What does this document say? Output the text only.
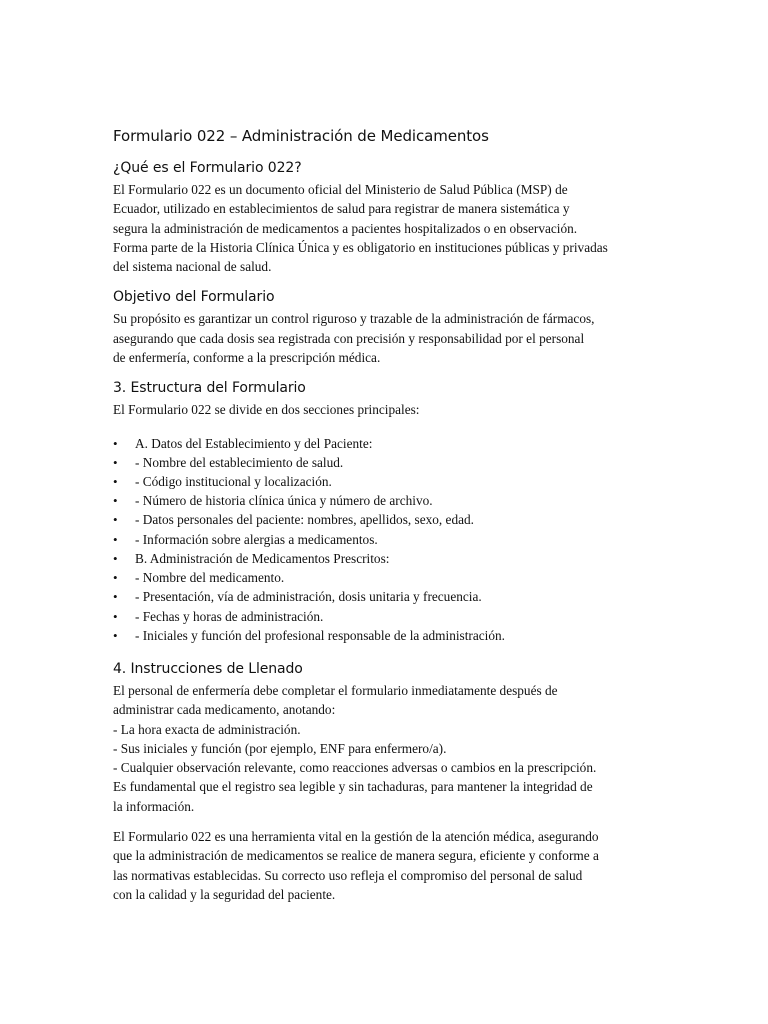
Formulario 022 – Administración de Medicamentos
¿Qué es el Formulario 022?
El Formulario 022 es un documento oficial del Ministerio de Salud Pública (MSP) de
Ecuador, utilizado en establecimientos de salud para registrar de manera sistemática y
segura la administración de medicamentos a pacientes hospitalizados o en observación.
Forma parte de la Historia Clínica Única y es obligatorio en instituciones públicas y privadas
del sistema nacional de salud.
Objetivo del Formulario
Su propósito es garantizar un control riguroso y trazable de la administración de fármacos,
asegurando que cada dosis sea registrada con precisión y responsabilidad por el personal
de enfermería, conforme a la prescripción médica.
3. Estructura del Formulario
El Formulario 022 se divide en dos secciones principales:
• A. Datos del Establecimiento y del Paciente:
• - Nombre del establecimiento de salud.
• - Código institucional y localización.
• - Número de historia clínica única y número de archivo.
• - Datos personales del paciente: nombres, apellidos, sexo, edad.
• - Información sobre alergias a medicamentos.
• B. Administración de Medicamentos Prescritos:
• - Nombre del medicamento.
• - Presentación, vía de administración, dosis unitaria y frecuencia.
• - Fechas y horas de administración.
• - Iniciales y función del profesional responsable de la administración.
4. Instrucciones de Llenado
El personal de enfermería debe completar el formulario inmediatamente después de
administrar cada medicamento, anotando:
- La hora exacta de administración.
- Sus iniciales y función (por ejemplo, ENF para enfermero/a).
- Cualquier observación relevante, como reacciones adversas o cambios en la prescripción.
Es fundamental que el registro sea legible y sin tachaduras, para mantener la integridad de
la información.
El Formulario 022 es una herramienta vital en la gestión de la atención médica, asegurando
que la administración de medicamentos se realice de manera segura, eficiente y conforme a
las normativas establecidas. Su correcto uso refleja el compromiso del personal de salud
con la calidad y la seguridad del paciente.
